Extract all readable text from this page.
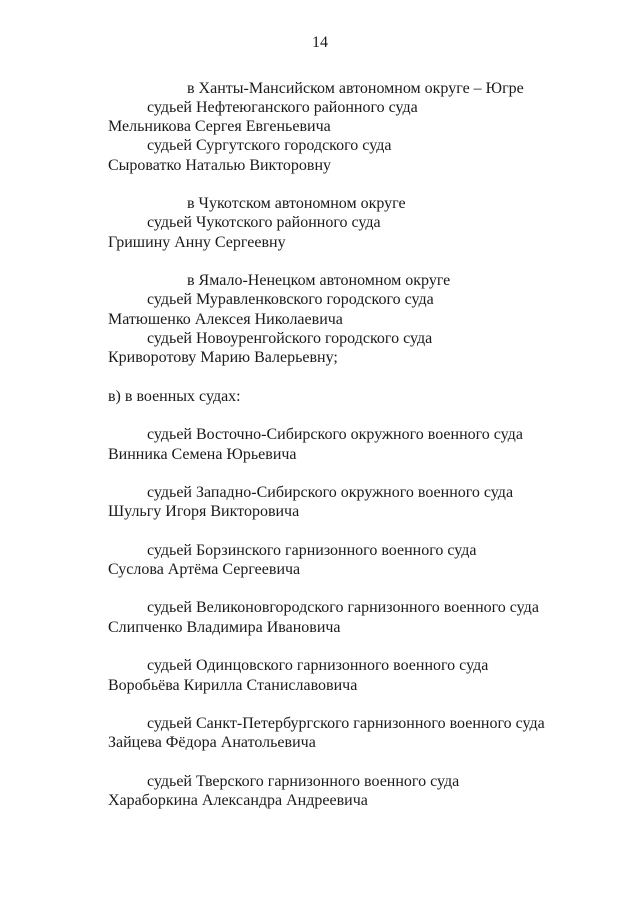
14
в Ханты-Мансийском автономном округе – Югре
судьей Нефтеюганского районного суда
Мельникова Сергея Евгеньевича
судьей Сургутского городского суда
Сыроватко Наталью Викторовну
в Чукотском автономном округе
судьей Чукотского районного суда
Гришину Анну Сергеевну
в Ямало-Ненецком автономном округе
судьей Муравленковского городского суда
Матюшенко Алексея Николаевича
судьей Новоуренгойского городского суда
Криворотову Марию Валерьевну;
в) в военных судах:
судьей Восточно-Сибирского окружного военного суда
Винника Семена Юрьевича
судьей Западно-Сибирского окружного военного суда
Шульгу Игоря Викторовича
судьей Борзинского гарнизонного военного суда
Суслова Артёма Сергеевича
судьей Великоновгородского гарнизонного военного суда
Слипченко Владимира Ивановича
судьей Одинцовского гарнизонного военного суда
Воробьёва Кирилла Станиславовича
судьей Санкт-Петербургского гарнизонного военного суда
Зайцева Фёдора Анатольевича
судьей Тверского гарнизонного военного суда
Хараборкина Александра Андреевича
